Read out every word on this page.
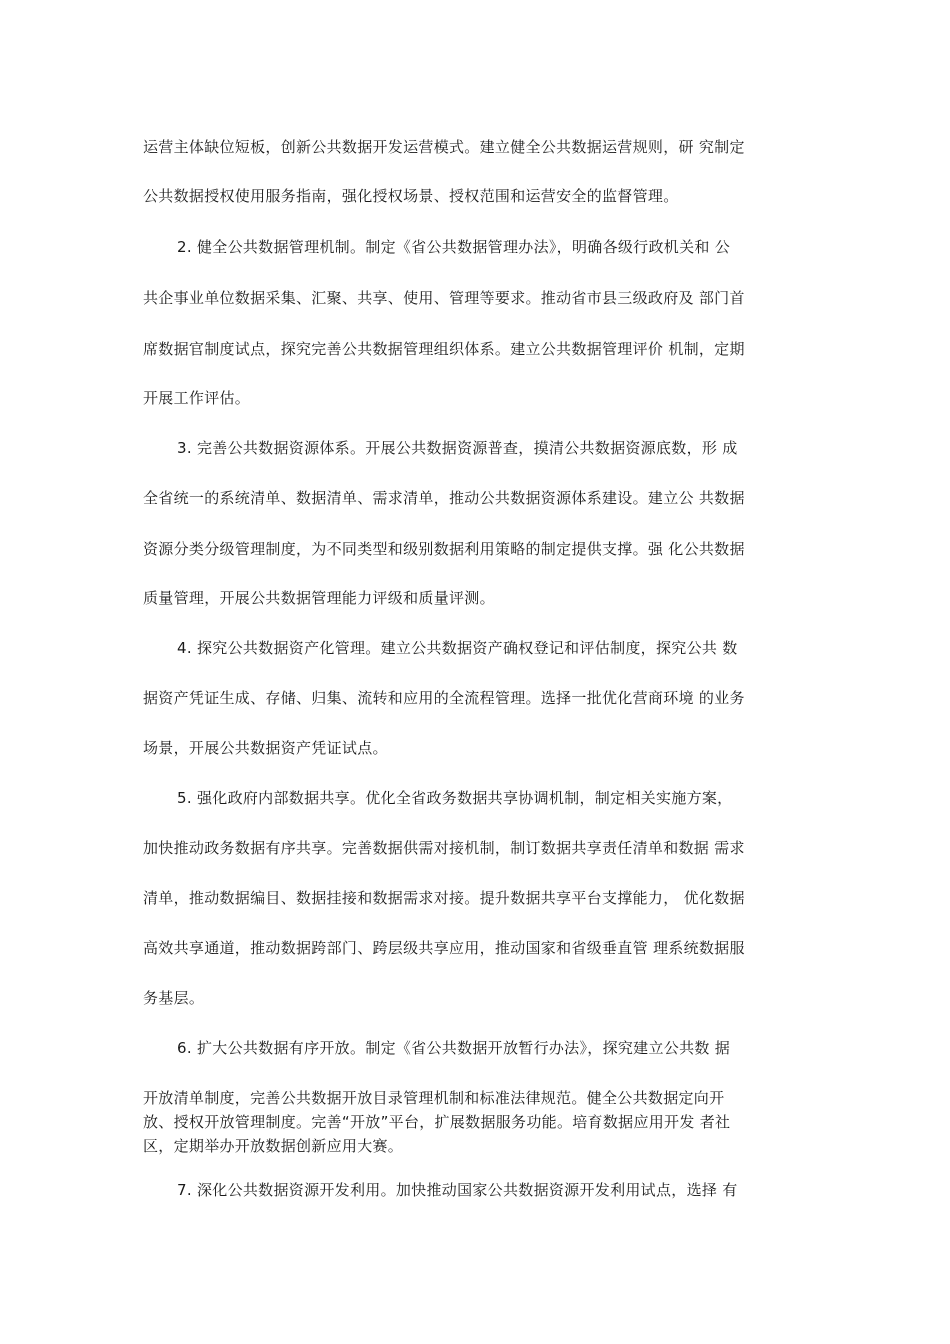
运营主体缺位短板，创新公共数据开发运营模式。建立健全公共数据运营规则，研 究制定
公共数据授权使用服务指南，强化授权场景、授权范围和运营安全的监督管理。
2. 健全公共数据管理机制。制定《省公共数据管理办法》，明确各级行政机关和 公
共企事业单位数据采集、汇聚、共享、使用、管理等要求。推动省市县三级政府及 部门首
席数据官制度试点，探究完善公共数据管理组织体系。建立公共数据管理评价 机制，定期
开展工作评估。
3. 完善公共数据资源体系。开展公共数据资源普查，摸清公共数据资源底数，形 成
全省统一的系统清单、数据清单、需求清单，推动公共数据资源体系建设。建立公 共数据
资源分类分级管理制度，为不同类型和级别数据利用策略的制定提供支撑。强 化公共数据
质量管理，开展公共数据管理能力评级和质量评测。
4. 探究公共数据资产化管理。建立公共数据资产确权登记和评估制度，探究公共 数
据资产凭证生成、存储、归集、流转和应用的全流程管理。选择一批优化营商环境 的业务
场景，开展公共数据资产凭证试点。
5. 强化政府内部数据共享。优化全省政务数据共享协调机制，制定相关实施方案，
加快推动政务数据有序共享。完善数据供需对接机制，制订数据共享责任清单和数据 需求
清单，推动数据编目、数据挂接和数据需求对接。提升数据共享平台支撑能力， 优化数据
高效共享通道，推动数据跨部门、跨层级共享应用，推动国家和省级垂直管 理系统数据服
务基层。
6. 扩大公共数据有序开放。制定《省公共数据开放暂行办法》，探究建立公共数 据
开放清单制度，完善公共数据开放目录管理机制和标准法律规范。健全公共数据定向开
放、授权开放管理制度。完善“开放”平台，扩展数据服务功能。培育数据应用开发 者社
区，定期举办开放数据创新应用大赛。
7. 深化公共数据资源开发利用。加快推动国家公共数据资源开发利用试点，选择 有
